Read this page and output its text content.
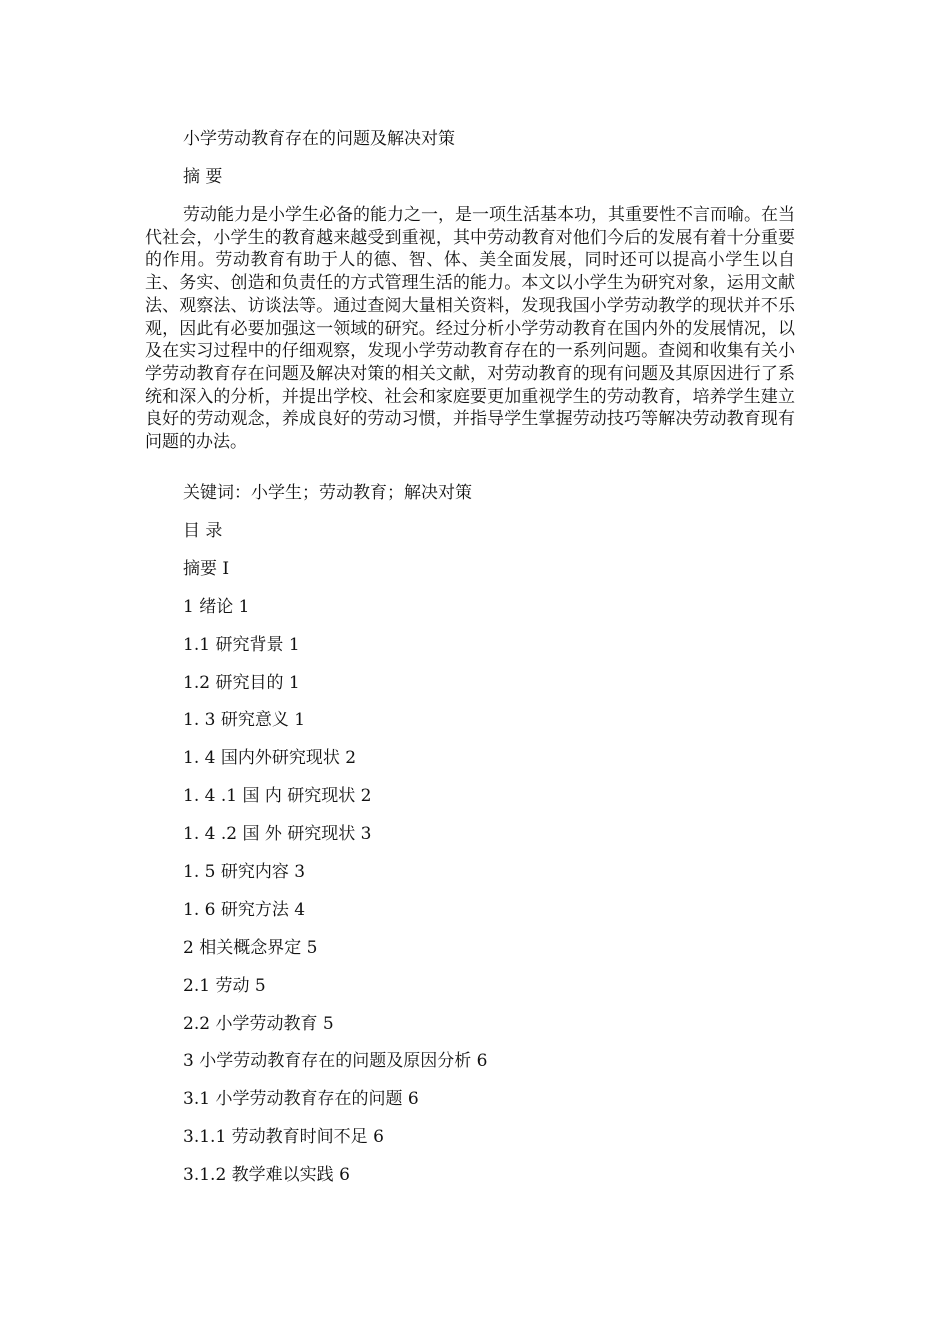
小学劳动教育存在的问题及解决对策

摘 要

劳动能力是小学生必备的能力之一，是一项生活基本功，其重要性不言而喻。在当代社会，小学生的教育越来越受到重视，其中劳动教育对他们今后的发展有着十分重要的作用。劳动教育有助于人的德、智、体、美全面发展，同时还可以提高小学生以自主、务实、创造和负责任的方式管理生活的能力。本文以小学生为研究对象，运用文献法、观察法、访谈法等。通过查阅大量相关资料，发现我国小学劳动教学的现状并不乐观，因此有必要加强这一领域的研究。经过分析小学劳动教育在国内外的发展情况，以及在实习过程中的仔细观察，发现小学劳动教育存在的一系列问题。查阅和收集有关小学劳动教育存在问题及解决对策的相关文献，对劳动教育的现有问题及其原因进行了系统和深入的分析，并提出学校、社会和家庭要更加重视学生的劳动教育，培养学生建立良好的劳动观念，养成良好的劳动习惯，并指导学生掌握劳动技巧等解决劳动教育现有问题的办法。

关键词：小学生；劳动教育；解决对策

目 录

摘要 I

1 绪论 1

1.1 研究背景 1

1.2 研究目的 1

1. 3 研究意义 1

1. 4 国内外研究现状 2

1. 4 .1 国 内 研究现状 2

1. 4 .2 国 外 研究现状 3

1. 5 研究内容 3

1. 6 研究方法 4

2 相关概念界定 5

2.1 劳动 5

2.2 小学劳动教育 5

3 小学劳动教育存在的问题及原因分析 6

3.1 小学劳动教育存在的问题 6

3.1.1 劳动教育时间不足 6

3.1.2 教学难以实践 6
